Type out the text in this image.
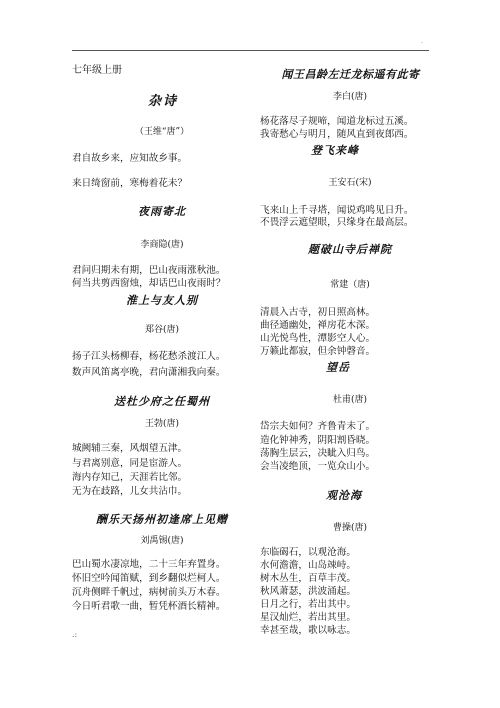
.
七年级上册
杂诗
（王维“唐”）
君自故乡来，应知故乡事。
来日绮窗前，寒梅着花未？
夜雨寄北
李商隐(唐)
君问归期未有期，巴山夜雨涨秋池。
何当共剪西窗烛，却话巴山夜雨时？
淮上与友人别
郑谷(唐)
扬子江头杨柳春，杨花愁杀渡江人。
数声风笛离亭晚，君向潇湘我向秦。
送杜少府之任蜀州
王勃(唐)
城阙辅三秦，风烟望五津。
与君离别意，同是宦游人。
海内存知己，天涯若比邻。
无为在歧路，儿女共沾巾。
酬乐天扬州初逢席上见赠
刘禹锡(唐)
巴山蜀水凄凉地，二十三年弃置身。
怀旧空吟闻笛赋，到乡翻似烂柯人。
沉舟侧畔千帆过，病树前头万木春。
今日听君歌一曲，暂凭杯酒长精神。
闻王昌龄左迁龙标遥有此寄
李白(唐)
杨花落尽子规啼，闻道龙标过五溪。
我寄愁心与明月，随风直到夜郎西。
登飞来峰
王安石(宋)
飞来山上千寻塔，闻说鸡鸣见日升。
不畏浮云遮望眼，只缘身在最高层。
题破山寺后禅院
常建（唐)
清晨入古寺，初日照高林。
曲径通幽处，禅房花木深。
山光悦鸟性，潭影空人心。
万籁此都寂，但余钟磬音。
望岳
杜甫(唐)
岱宗夫如何？齐鲁青未了。
造化钟神秀，阴阳割昏晓。
荡胸生层云，决眦入归鸟。
会当凌绝顶，一览众山小。
观沧海
曹操(唐)
东临碣石，以观沧海。
水何澹澹，山岛竦峙。
树木丛生，百草丰茂。
秋风萧瑟，洪波涌起。
日月之行，若出其中。
星汉灿烂，若出其里。
幸甚至哉，歌以咏志。
.:
